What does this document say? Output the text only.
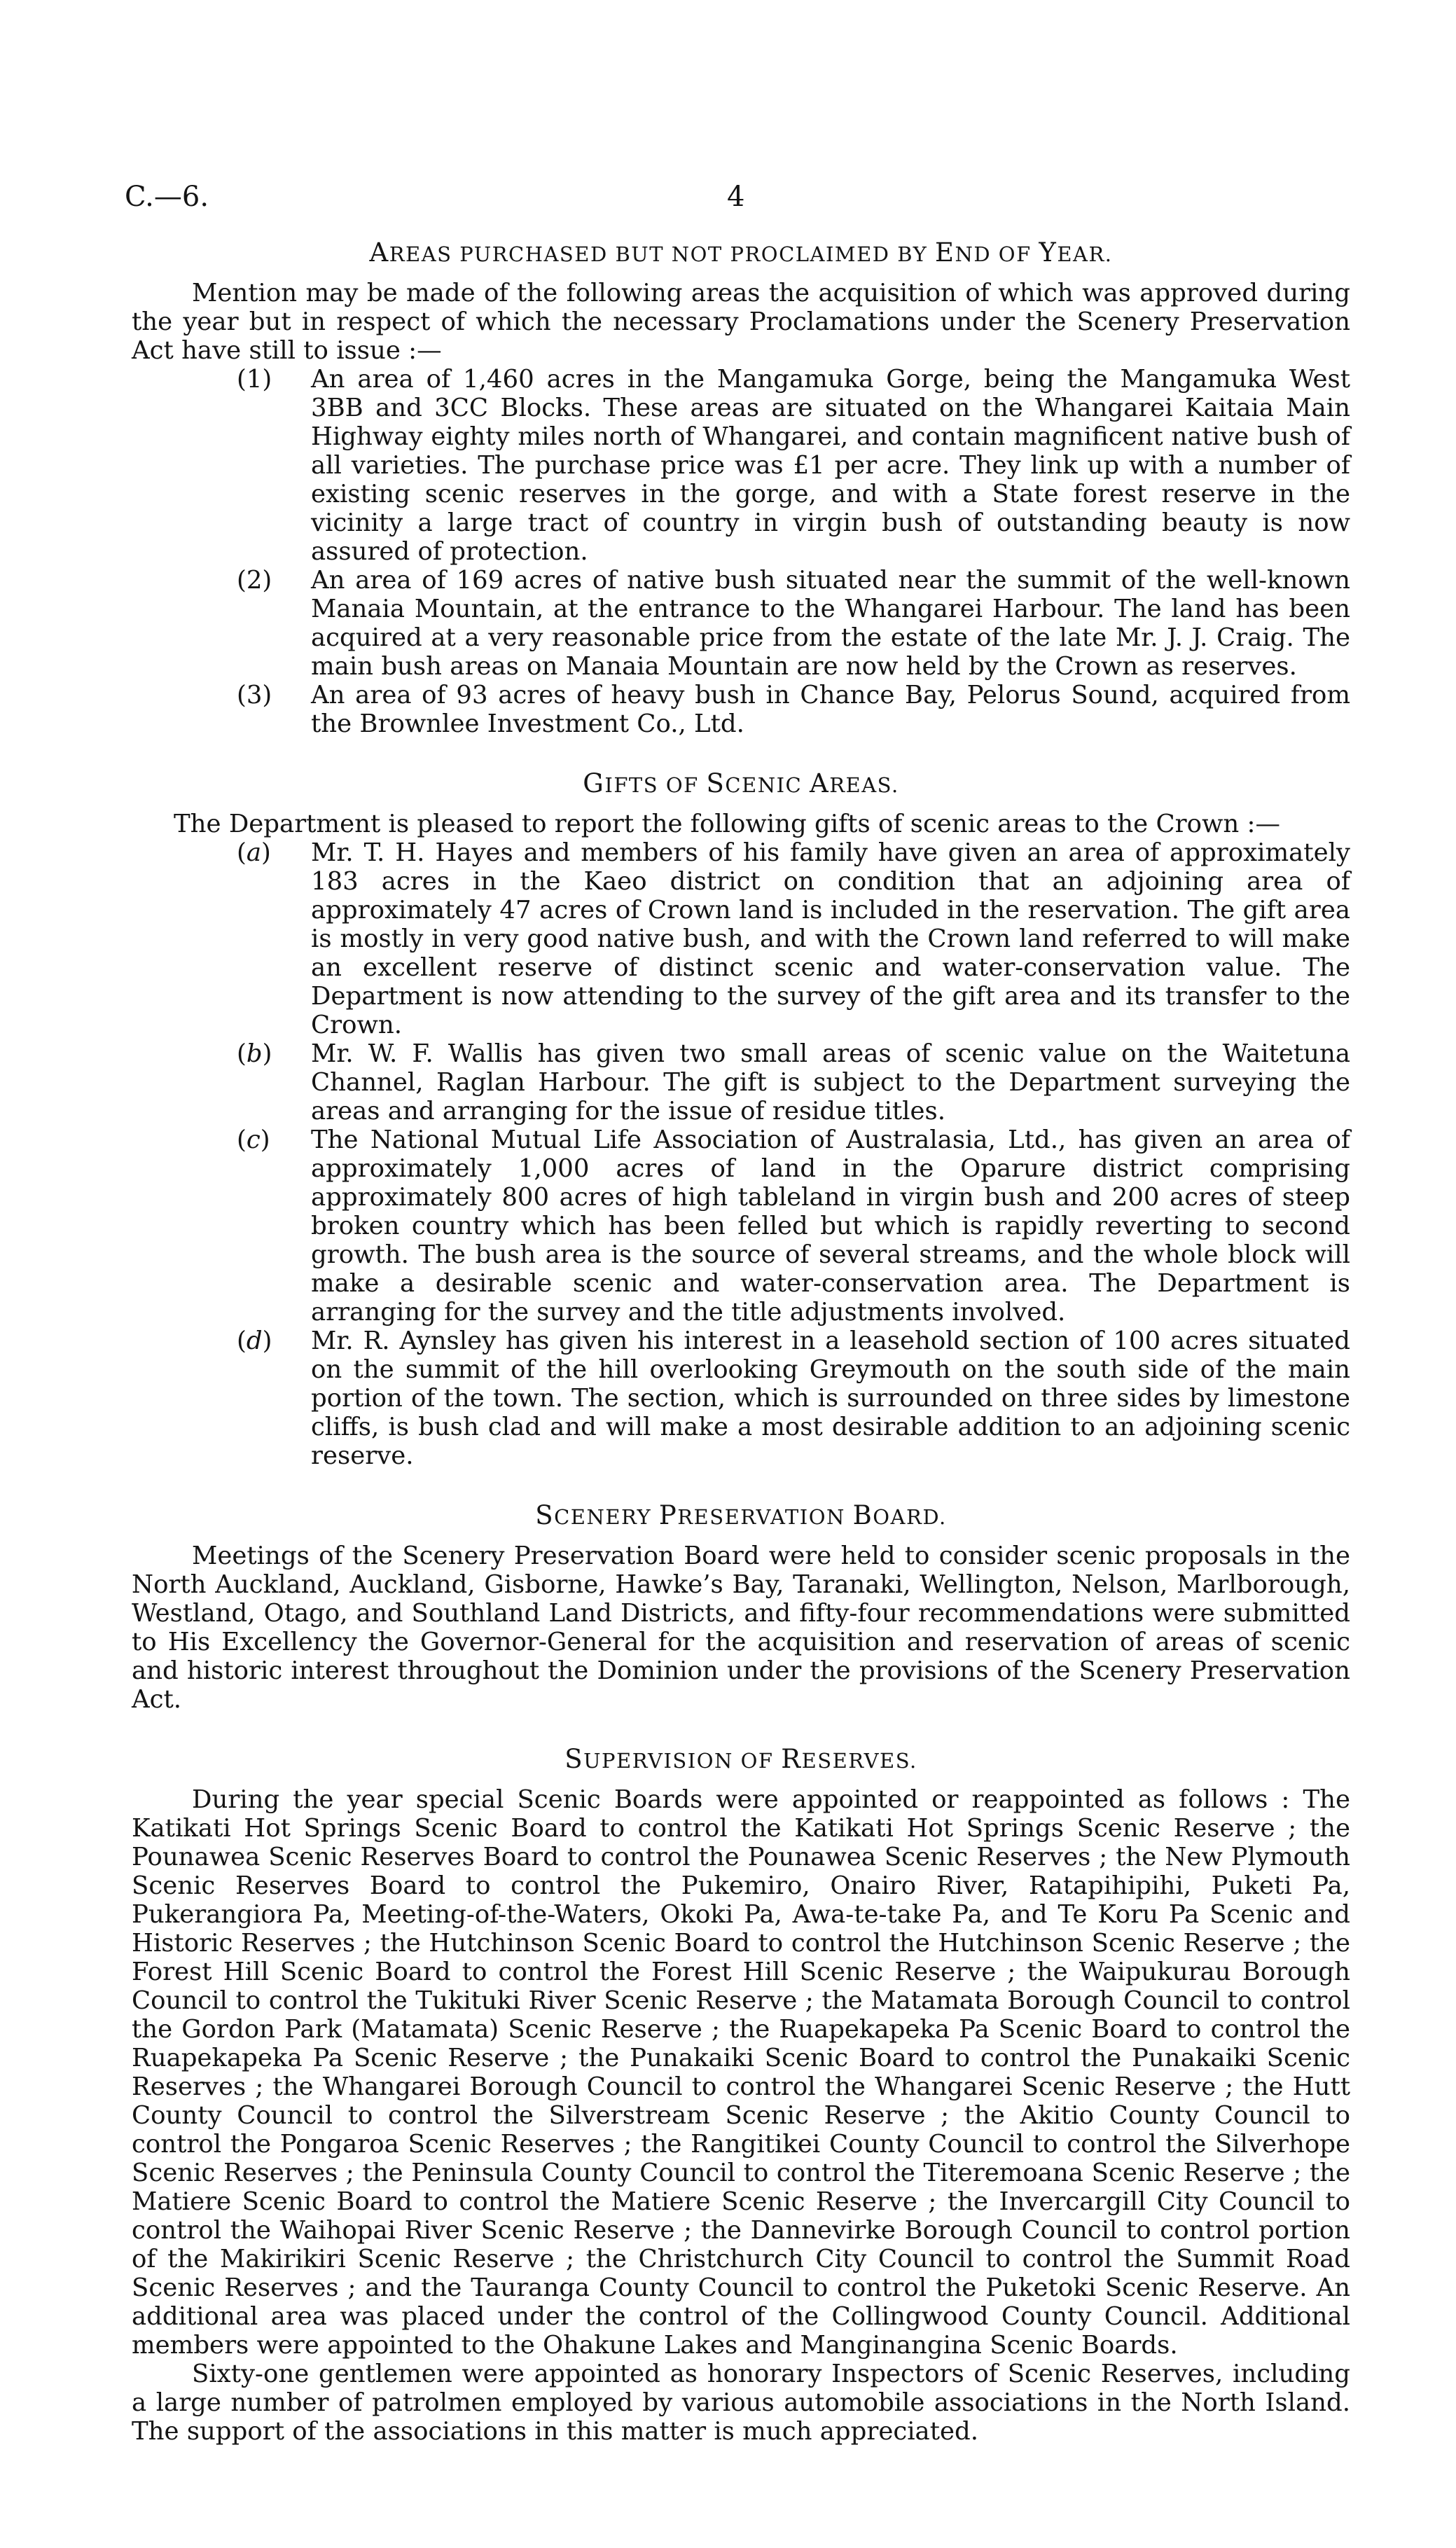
C.—6.	4
AREAS PURCHASED BUT NOT PROCLAIMED BY END OF YEAR.

Mention may be made of the following areas the acquisition of which was approved during the year but in respect of which the necessary Proclamations under the Scenery Preservation Act have still to issue :—

(1) An area of 1,460 acres in the Mangamuka Gorge, being the Mangamuka West 3BB and 3CC Blocks. These areas are situated on the Whangarei Kaitaia Main Highway eighty miles north of Whangarei, and contain magnificent native bush of all varieties. The purchase price was £1 per acre. They link up with a number of existing scenic reserves in the gorge, and with a State forest reserve in the vicinity a large tract of country in virgin bush of outstanding beauty is now assured of protection.
(2) An area of 169 acres of native bush situated near the summit of the well-known Manaia Mountain, at the entrance to the Whangarei Harbour. The land has been acquired at a very reasonable price from the estate of the late Mr. J. J. Craig. The main bush areas on Manaia Mountain are now held by the Crown as reserves.
(3) An area of 93 acres of heavy bush in Chance Bay, Pelorus Sound, acquired from the Brownlee Investment Co., Ltd.
GIFTS OF SCENIC AREAS.

The Department is pleased to report the following gifts of scenic areas to the Crown :—

(a) Mr. T. H. Hayes and members of his family have given an area of approximately 183 acres in the Kaeo district on condition that an adjoining area of approximately 47 acres of Crown land is included in the reservation. The gift area is mostly in very good native bush, and with the Crown land referred to will make an excellent reserve of distinct scenic and water-conservation value. The Department is now attending to the survey of the gift area and its transfer to the Crown.
(b) Mr. W. F. Wallis has given two small areas of scenic value on the Waitetuna Channel, Raglan Harbour. The gift is subject to the Department surveying the areas and arranging for the issue of residue titles.
(c) The National Mutual Life Association of Australasia, Ltd., has given an area of approximately 1,000 acres of land in the Oparure district comprising approximately 800 acres of high tableland in virgin bush and 200 acres of steep broken country which has been felled but which is rapidly reverting to second growth. The bush area is the source of several streams, and the whole block will make a desirable scenic and water-conservation area. The Department is arranging for the survey and the title adjustments involved.
(d) Mr. R. Aynsley has given his interest in a leasehold section of 100 acres situated on the summit of the hill overlooking Greymouth on the south side of the main portion of the town. The section, which is surrounded on three sides by limestone cliffs, is bush clad and will make a most desirable addition to an adjoining scenic reserve.
SCENERY PRESERVATION BOARD.

Meetings of the Scenery Preservation Board were held to consider scenic proposals in the North Auckland, Auckland, Gisborne, Hawke’s Bay, Taranaki, Wellington, Nelson, Marlborough, Westland, Otago, and Southland Land Districts, and fifty-four recommendations were submitted to His Excellency the Governor-General for the acquisition and reservation of areas of scenic and historic interest throughout the Dominion under the provisions of the Scenery Preservation Act.

SUPERVISION OF RESERVES.

During the year special Scenic Boards were appointed or reappointed as follows : The Katikati Hot Springs Scenic Board to control the Katikati Hot Springs Scenic Reserve ; the Pounawea Scenic Reserves Board to control the Pounawea Scenic Reserves ; the New Plymouth Scenic Reserves Board to control the Pukemiro, Onairo River, Ratapihipihi, Puketi Pa, Pukerangiora Pa, Meeting-of-the-Waters, Okoki Pa, Awa-te-take Pa, and Te Koru Pa Scenic and Historic Reserves ; the Hutchinson Scenic Board to control the Hutchinson Scenic Reserve ; the Forest Hill Scenic Board to control the Forest Hill Scenic Reserve ; the Waipukurau Borough Council to control the Tukituki River Scenic Reserve ; the Matamata Borough Council to control the Gordon Park (Matamata) Scenic Reserve ; the Ruapekapeka Pa Scenic Board to control the Ruapekapeka Pa Scenic Reserve ; the Punakaiki Scenic Board to control the Punakaiki Scenic Reserves ; the Whangarei Borough Council to control the Whangarei Scenic Reserve ; the Hutt County Council to control the Silverstream Scenic Reserve ; the Akitio County Council to control the Pongaroa Scenic Reserves ; the Rangitikei County Council to control the Silverhope Scenic Reserves ; the Peninsula County Council to control the Titeremoana Scenic Reserve ; the Matiere Scenic Board to control the Matiere Scenic Reserve ; the Invercargill City Council to control the Waihopai River Scenic Reserve ; the Dannevirke Borough Council to control portion of the Makirikiri Scenic Reserve ; the Christchurch City Council to control the Summit Road Scenic Reserves ; and the Tauranga County Council to control the Puketoki Scenic Reserve. An additional area was placed under the control of the Collingwood County Council. Additional members were appointed to the Ohakune Lakes and Manginangina Scenic Boards.

Sixty-one gentlemen were appointed as honorary Inspectors of Scenic Reserves, including a large number of patrolmen employed by various automobile associations in the North Island. The support of the associations in this matter is much appreciated.
